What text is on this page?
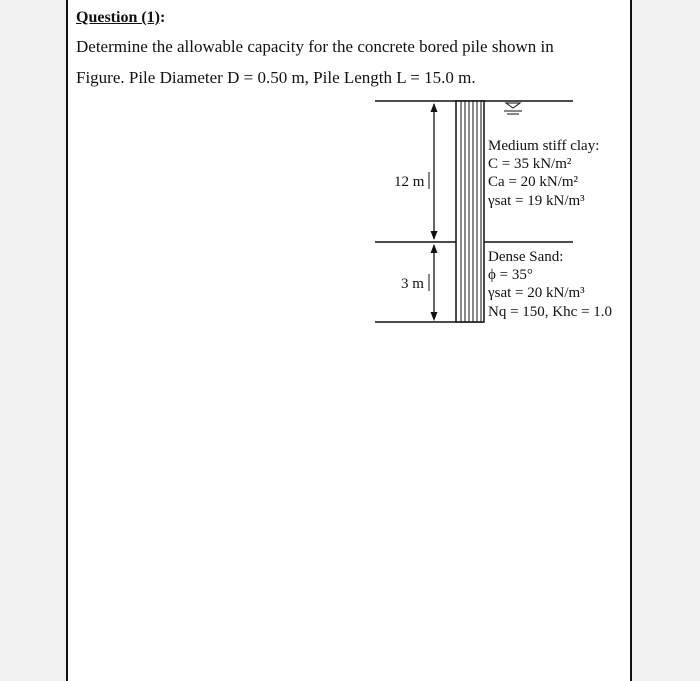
Question (1):
Determine the allowable capacity for the concrete bored pile shown in
Figure. Pile Diameter D = 0.50 m, Pile Length L = 15.0 m.
12 m
3 m
Medium stiff clay:
C = 35 kN/m²
Ca = 20 kN/m²
γsat = 19 kN/m³
Dense Sand:
ϕ = 35°
γsat = 20 kN/m³
Nq = 150, Khc = 1.0
